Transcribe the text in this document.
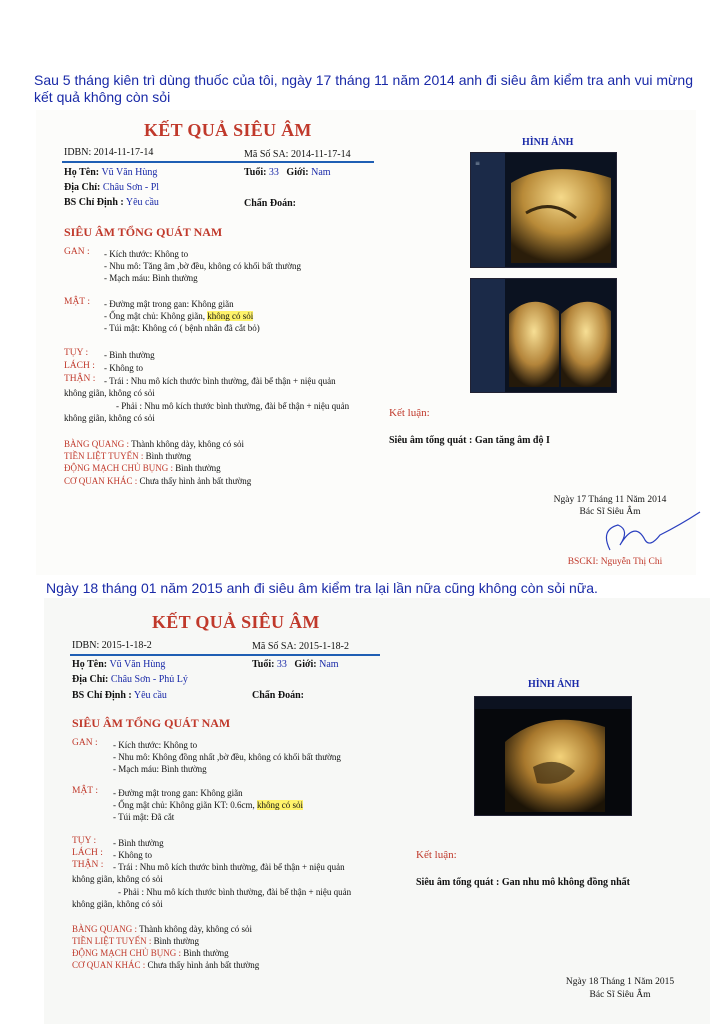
Sau 5 tháng kiên trì dùng thuốc của tôi, ngày 17 tháng 11 năm 2014 anh đi siêu âm kiểm tra anh vui mừng kết quả không còn sỏi
Ngày 18 tháng 01 năm 2015 anh đi siêu âm kiểm tra lại lần nữa cũng không còn sỏi nữa.
KẾT QUẢ SIÊU ÂM
IDBN: 2014-11-17-14	Mã Số SA: 2014-11-17-14
Họ Tên: Vũ Văn Hùng	Tuổi: 33 Giới: Nam
Địa Chỉ: Châu Sơn - Pl
BS Chỉ Định : Yêu cầu	Chẩn Đoán:
SIÊU ÂM TỔNG QUÁT NAM
GAN : - Kích thước: Không to
- Nhu mô: Tăng âm ,bờ đều, không có khối bất thường
- Mạch máu: Bình thường
MẬT : - Đường mật trong gan: Không giãn
- Ống mật chủ: Không giãn, không có sỏi
- Túi mật: Không có ( bệnh nhân đã cắt bỏ)
TỤY : - Bình thường
LÁCH : - Không to
THẬN : - Trái : Nhu mô kích thước bình thường, đài bể thận + niệu quản
không giãn, không có sỏi
- Phải : Nhu mô kích thước bình thường, đài bể thận + niệu quản
không giãn, không có sỏi
BÀNG QUANG : Thành không dày, không có sỏi
TIỀN LIỆT TUYẾN : Bình thường
ĐỘNG MẠCH CHỦ BỤNG : Bình thường
CƠ QUAN KHÁC : Chưa thấy hình ảnh bất thường
HÌNH ẢNH
≡
Kết luận:
Siêu âm tổng quát : Gan tăng âm độ I
Ngày 17 Tháng 11 Năm 2014
Bác Sĩ Siêu Âm
BSCKI: Nguyễn Thị Chi
KẾT QUẢ SIÊU ÂM
IDBN: 2015-1-18-2	Mã Số SA: 2015-1-18-2
Họ Tên: Vũ Văn Hùng	Tuổi: 33 Giới: Nam
Địa Chỉ: Châu Sơn - Phủ Lý
BS Chỉ Định : Yêu cầu	Chẩn Đoán:
SIÊU ÂM TỔNG QUÁT NAM
GAN : - Kích thước: Không to
- Nhu mô: Không đồng nhất ,bờ đều, không có khối bất thường
- Mạch máu: Bình thường
MẬT : - Đường mật trong gan: Không giãn
- Ống mật chủ: Không giãn KT: 0.6cm, không có sỏi
- Túi mật: Đã cắt
TỤY : - Bình thường
LÁCH : - Không to
THẬN : - Trái : Nhu mô kích thước bình thường, đài bể thận + niệu quản
không giãn, không có sỏi
- Phải : Nhu mô kích thước bình thường, đài bể thận + niệu quản
không giãn, không có sỏi
BÀNG QUANG : Thành không dày, không có sỏi
TIỀN LIỆT TUYẾN : Bình thường
ĐỘNG MẠCH CHỦ BỤNG : Bình thường
CƠ QUAN KHÁC : Chưa thấy hình ảnh bất thường
HÌNH ẢNH
Kết luận:
Siêu âm tổng quát : Gan nhu mô không đồng nhất
Ngày 18 Tháng 1 Năm 2015
Bác Sĩ Siêu Âm
